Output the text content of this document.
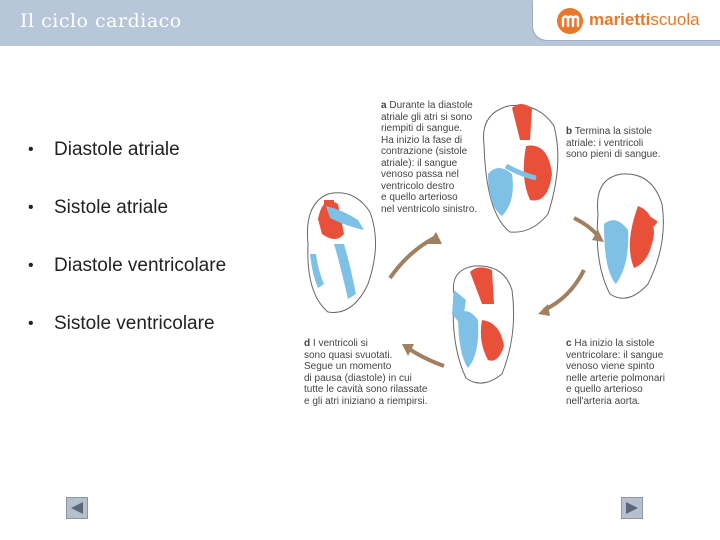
Il ciclo cardiaco	mariettiscuola
• Diastole atriale
• Sistole atriale
• Diastole ventricolare
• Sistole ventricolare
a Durante la diastole
atriale gli atri si sono
riempiti di sangue.
Ha inizio la fase di
contrazione (sistole
atriale): il sangue
venoso passa nel
ventricolo destro
e quello arterioso
nel ventricolo sinistro.
b Termina la sistole
atriale: i ventricoli
sono pieni di sangue.
c Ha inizio la sistole
ventricolare: il sangue
venoso viene spinto
nelle arterie polmonari
e quello arterioso
nell'arteria aorta.
d I ventricoli si
sono quasi svuotati.
Segue un momento
di pausa (diastole) in cui
tutte le cavità sono rilassate
e gli atri iniziano a riempirsi.
